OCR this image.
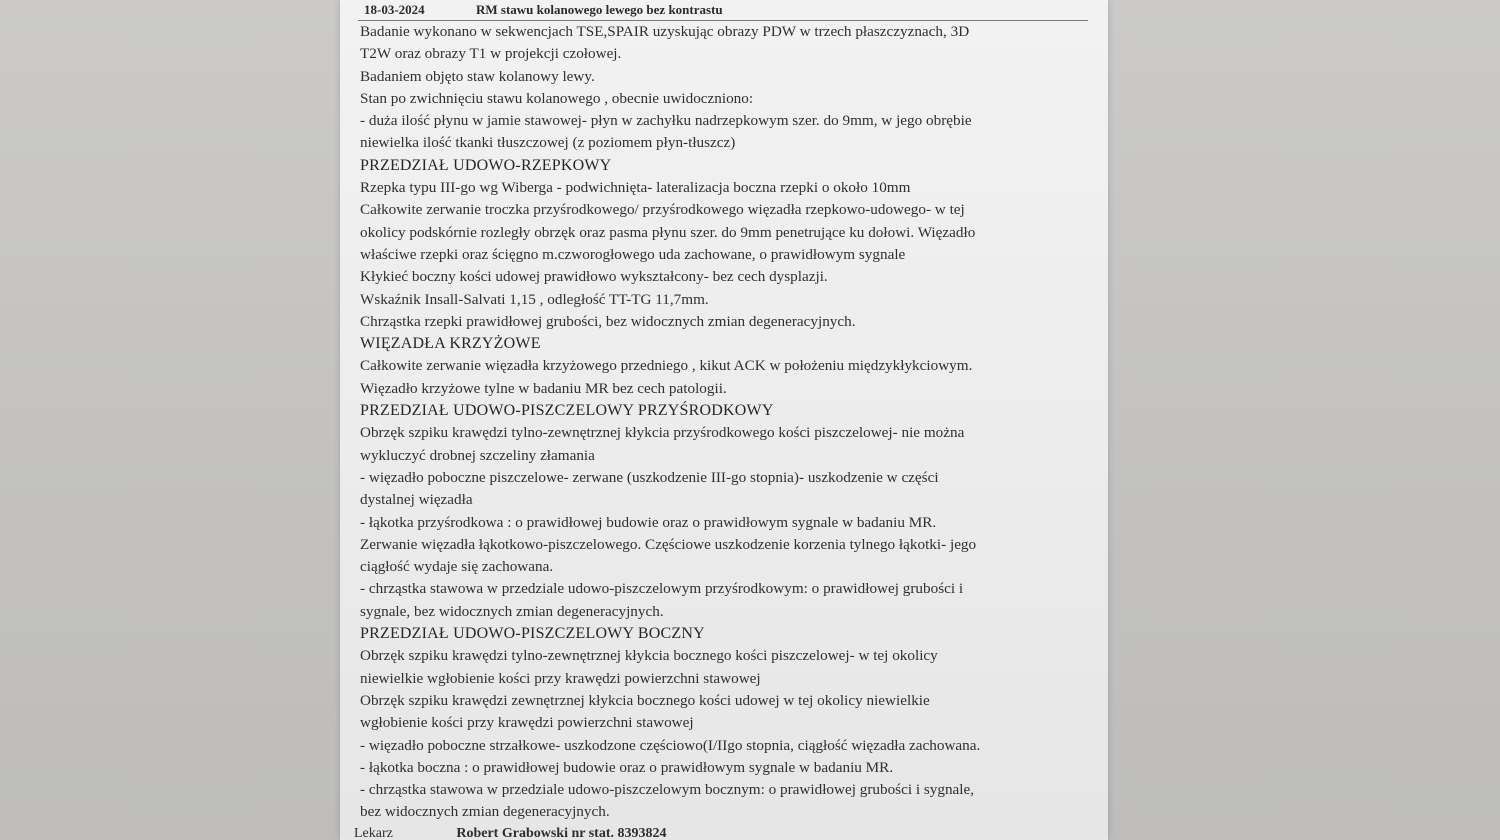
18-03-2024	RM stawu kolanowego lewego bez kontrastu
Badanie wykonano w sekwencjach TSE,SPAIR uzyskując obrazy PDW w trzech płaszczyznach, 3D
T2W oraz obrazy T1 w projekcji czołowej.
Badaniem objęto staw kolanowy lewy.
Stan po zwichnięciu stawu kolanowego , obecnie uwidoczniono:
- duża ilość płynu w jamie stawowej- płyn w zachyłku nadrzepkowym szer. do 9mm, w jego obrębie
niewielka ilość tkanki tłuszczowej (z poziomem płyn-tłuszcz)
PRZEDZIAŁ UDOWO-RZEPKOWY
Rzepka typu III-go wg Wiberga - podwichnięta- lateralizacja boczna rzepki o około 10mm
Całkowite zerwanie troczka przyśrodkowego/ przyśrodkowego więzadła rzepkowo-udowego- w tej
okolicy podskórnie rozległy obrzęk oraz pasma płynu szer. do 9mm penetrujące ku dołowi. Więzadło
właściwe rzepki oraz ścięgno m.czworogłowego uda zachowane, o prawidłowym sygnale
Kłykieć boczny kości udowej prawidłowo wykształcony- bez cech dysplazji.
Wskaźnik Insall-Salvati 1,15 , odległość TT-TG 11,7mm.
Chrząstka rzepki prawidłowej grubości, bez widocznych zmian degeneracyjnych.
WIĘZADŁA KRZYŻOWE
Całkowite zerwanie więzadła krzyżowego przedniego , kikut ACK w położeniu międzykłykciowym.
Więzadło krzyżowe tylne w badaniu MR bez cech patologii.
PRZEDZIAŁ UDOWO-PISZCZELOWY PRZYŚRODKOWY
Obrzęk szpiku krawędzi tylno-zewnętrznej kłykcia przyśrodkowego kości piszczelowej- nie można
wykluczyć drobnej szczeliny złamania
- więzadło poboczne piszczelowe- zerwane (uszkodzenie III-go stopnia)- uszkodzenie w części
dystalnej więzadła
- łąkotka przyśrodkowa : o prawidłowej budowie oraz o prawidłowym sygnale w badaniu MR.
Zerwanie więzadła łąkotkowo-piszczelowego. Częściowe uszkodzenie korzenia tylnego łąkotki- jego
ciągłość wydaje się zachowana.
- chrząstka stawowa w przedziale udowo-piszczelowym przyśrodkowym: o prawidłowej grubości i
sygnale, bez widocznych zmian degeneracyjnych.
PRZEDZIAŁ UDOWO-PISZCZELOWY BOCZNY
Obrzęk szpiku krawędzi tylno-zewnętrznej kłykcia bocznego kości piszczelowej- w tej okolicy
niewielkie wgłobienie kości przy krawędzi powierzchni stawowej
Obrzęk szpiku krawędzi zewnętrznej kłykcia bocznego kości udowej w tej okolicy niewielkie
wgłobienie kości przy krawędzi powierzchni stawowej
- więzadło poboczne strzałkowe- uszkodzone częściowo(I/IIgo stopnia, ciągłość więzadła zachowana.
- łąkotka boczna : o prawidłowej budowie oraz o prawidłowym sygnale w badaniu MR.
- chrząstka stawowa w przedziale udowo-piszczelowym bocznym: o prawidłowej grubości i sygnale,
bez widocznych zmian degeneracyjnych.
Lekarz	Robert Grabowski nr stat. 8393824
